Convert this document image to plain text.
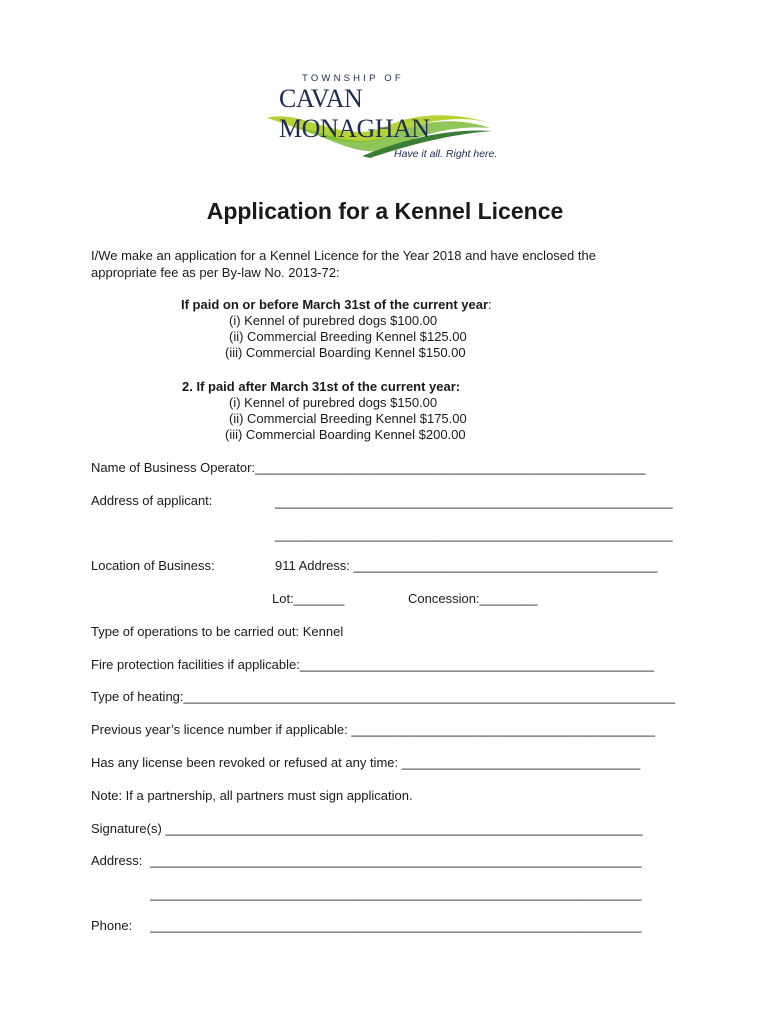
TOWNSHIP OF
CAVAN MONAGHAN
Have it all. Right here.
Application for a Kennel Licence
I/We make an application for a Kennel Licence for the Year 2018 and have enclosed the
appropriate fee as per By-law No. 2013-72:
If paid on or before March 31st of the current year:
(i) Kennel of purebred dogs $100.00
(ii) Commercial Breeding Kennel $125.00
(iii) Commercial Boarding Kennel $150.00
2. If paid after March 31st of the current year:
(i) Kennel of purebred dogs $150.00
(ii) Commercial Breeding Kennel $175.00
(iii) Commercial Boarding Kennel $200.00
Name of Business Operator:______________________________________________________
Address of applicant:	_______________________________________________________
_______________________________________________________
Location of Business:	911 Address: __________________________________________
Lot:_______	Concession:________
Type of operations to be carried out: Kennel
Fire protection facilities if applicable:_________________________________________________
Type of heating:____________________________________________________________________
Previous year’s licence number if applicable: __________________________________________
Has any license been revoked or refused at any time: _________________________________
Note: If a partnership, all partners must sign application.
Signature(s) __________________________________________________________________
Address: ____________________________________________________________________
____________________________________________________________________
Phone: ____________________________________________________________________
